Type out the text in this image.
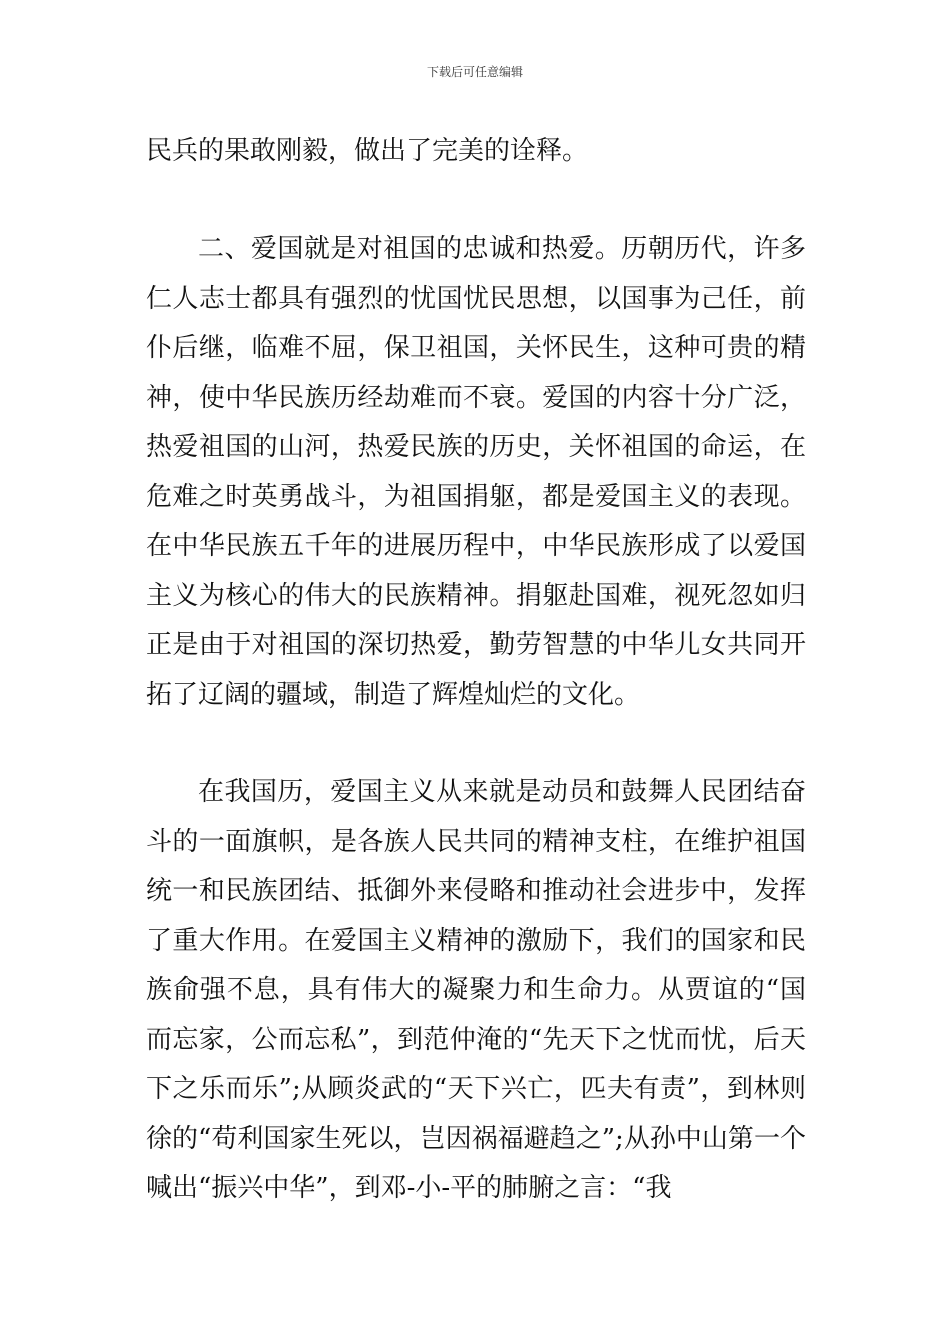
下载后可任意编辑

民兵的果敢刚毅，做出了完美的诠释。

二、爱国就是对祖国的忠诚和热爱。历朝历代，许多仁人志士都具有强烈的忧国忧民思想，以国事为己任，前仆后继，临难不屈，保卫祖国，关怀民生，这种可贵的精神，使中华民族历经劫难而不衰。爱国的内容十分广泛，热爱祖国的山河，热爱民族的历史，关怀祖国的命运，在危难之时英勇战斗，为祖国捐躯，都是爱国主义的表现。在中华民族五千年的进展历程中，中华民族形成了以爱国主义为核心的伟大的民族精神。捐躯赴国难，视死忽如归正是由于对祖国的深切热爱，勤劳智慧的中华儿女共同开拓了辽阔的疆域，制造了辉煌灿烂的文化。

在我国历，爱国主义从来就是动员和鼓舞人民团结奋斗的一面旗帜，是各族人民共同的精神支柱，在维护祖国统一和民族团结、抵御外来侵略和推动社会进步中，发挥了重大作用。在爱国主义精神的激励下，我们的国家和民族俞强不息，具有伟大的凝聚力和生命力。从贾谊的“国而忘家，公而忘私”，到范仲淹的“先天下之忧而忧，后天下之乐而乐”;从顾炎武的“天下兴亡，匹夫有责”，到林则徐的“苟利国家生死以，岂因祸福避趋之”;从孙中山第一个喊出“振兴中华”，到邓-小-平的肺腑之言：“我
